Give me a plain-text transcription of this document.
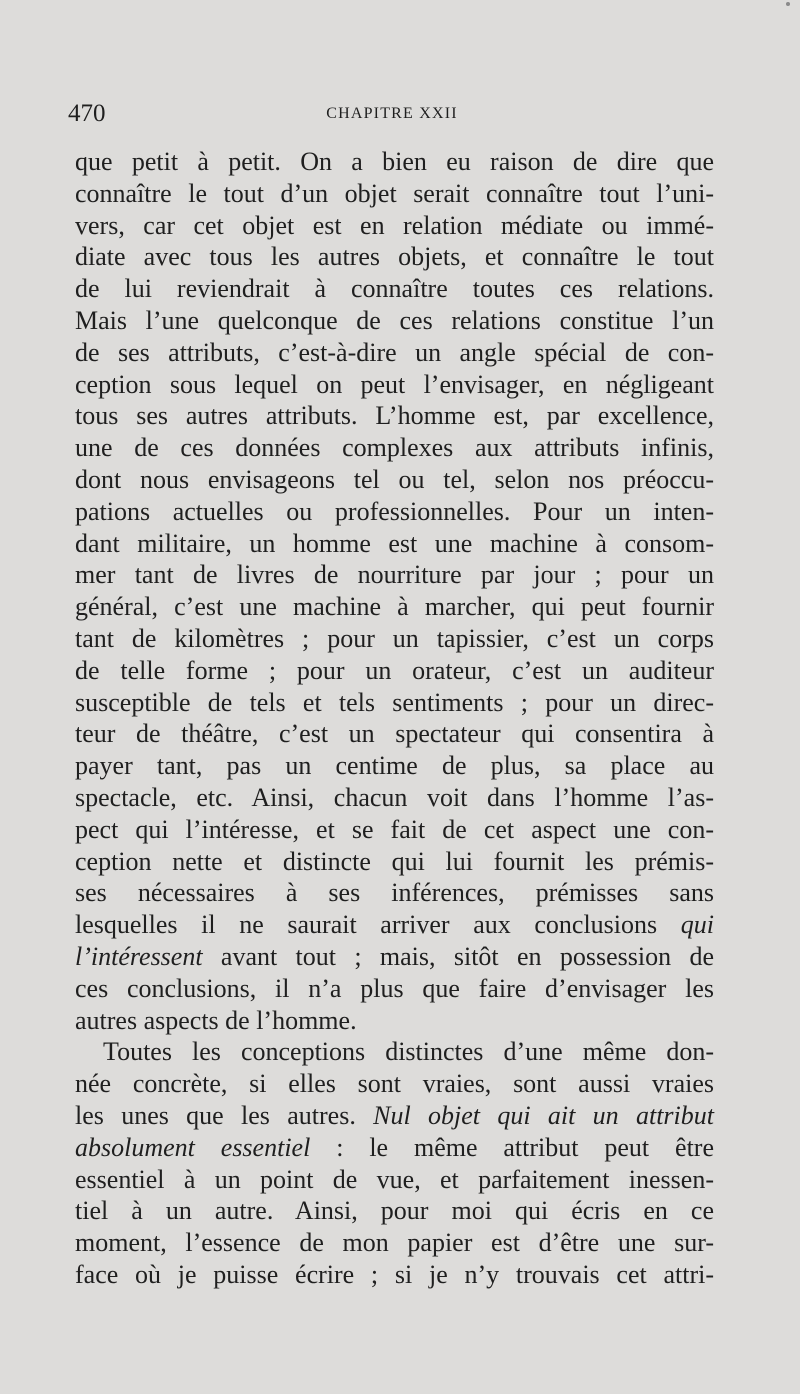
470	CHAPITRE XXII
que petit à petit. On a bien eu raison de dire que
connaître le tout d’un objet serait connaître tout l’uni-
vers, car cet objet est en relation médiate ou immé-
diate avec tous les autres objets, et connaître le tout
de lui reviendrait à connaître toutes ces relations.
Mais l’une quelconque de ces relations constitue l’un
de ses attributs, c’est-à-dire un angle spécial de con-
ception sous lequel on peut l’envisager, en négligeant
tous ses autres attributs. L’homme est, par excellence,
une de ces données complexes aux attributs infinis,
dont nous envisageons tel ou tel, selon nos préoccu-
pations actuelles ou professionnelles. Pour un inten-
dant militaire, un homme est une machine à consom-
mer tant de livres de nourriture par jour ; pour un
général, c’est une machine à marcher, qui peut fournir
tant de kilomètres ; pour un tapissier, c’est un corps
de telle forme ; pour un orateur, c’est un auditeur
susceptible de tels et tels sentiments ; pour un direc-
teur de théâtre, c’est un spectateur qui consentira à
payer tant, pas un centime de plus, sa place au
spectacle, etc. Ainsi, chacun voit dans l’homme l’as-
pect qui l’intéresse, et se fait de cet aspect une con-
ception nette et distincte qui lui fournit les prémis-
ses nécessaires à ses inférences, prémisses sans
lesquelles il ne saurait arriver aux conclusions qui
l’intéressent avant tout ; mais, sitôt en possession de
ces conclusions, il n’a plus que faire d’envisager les
autres aspects de l’homme.
Toutes les conceptions distinctes d’une même don-
née concrète, si elles sont vraies, sont aussi vraies
les unes que les autres. Nul objet qui ait un attribut
absolument essentiel : le même attribut peut être
essentiel à un point de vue, et parfaitement inessen-
tiel à un autre. Ainsi, pour moi qui écris en ce
moment, l’essence de mon papier est d’être une sur-
face où je puisse écrire ; si je n’y trouvais cet attri-
